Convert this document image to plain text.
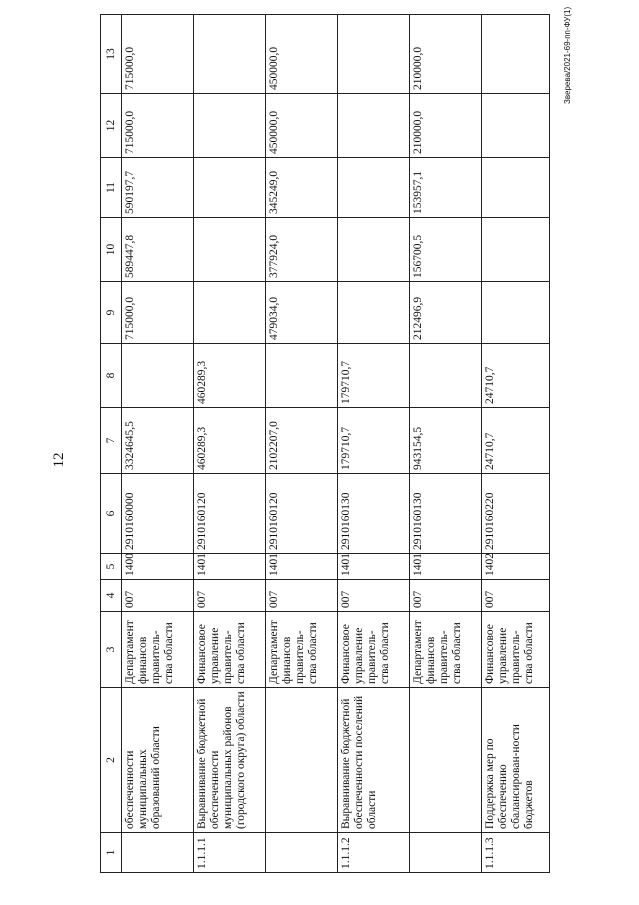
12
Зверева/2021-69-пп-ФУ(1)
1	2	3	4	5	6	7	8	9	10	11	12	13
	обеспеченности муниципальных образований области	Департамент финансов правитель-ства области	007	1400	2910160000	3324645,5		715000,0	589447,8	590197,7	715000,0	715000,0
1.1.1.1	Выравнивание бюджетной обеспеченности муниципальных районов (городского округа) области	Финансовое управление правитель-ства области	007	1401	2910160120	460289,3	460289,3					
		Департамент финансов правитель-ства области	007	1401	2910160120	2102207,0		479034,0	377924,0	345249,0	450000,0	450000,0
1.1.1.2	Выравнивание бюджетной обеспеченности поселений области	Финансовое управление правитель-ства области	007	1401	2910160130	179710,7	179710,7					
		Департамент финансов правитель-ства области	007	1401	2910160130	943154,5		212496,9	156700,5	153957,1	210000,0	210000,0
1.1.1.3	Поддержка мер по обеспечению сбалансирован-ности бюджетов	Финансовое управление правитель-ства области	007	1402	2910160220	24710,7	24710,7					
